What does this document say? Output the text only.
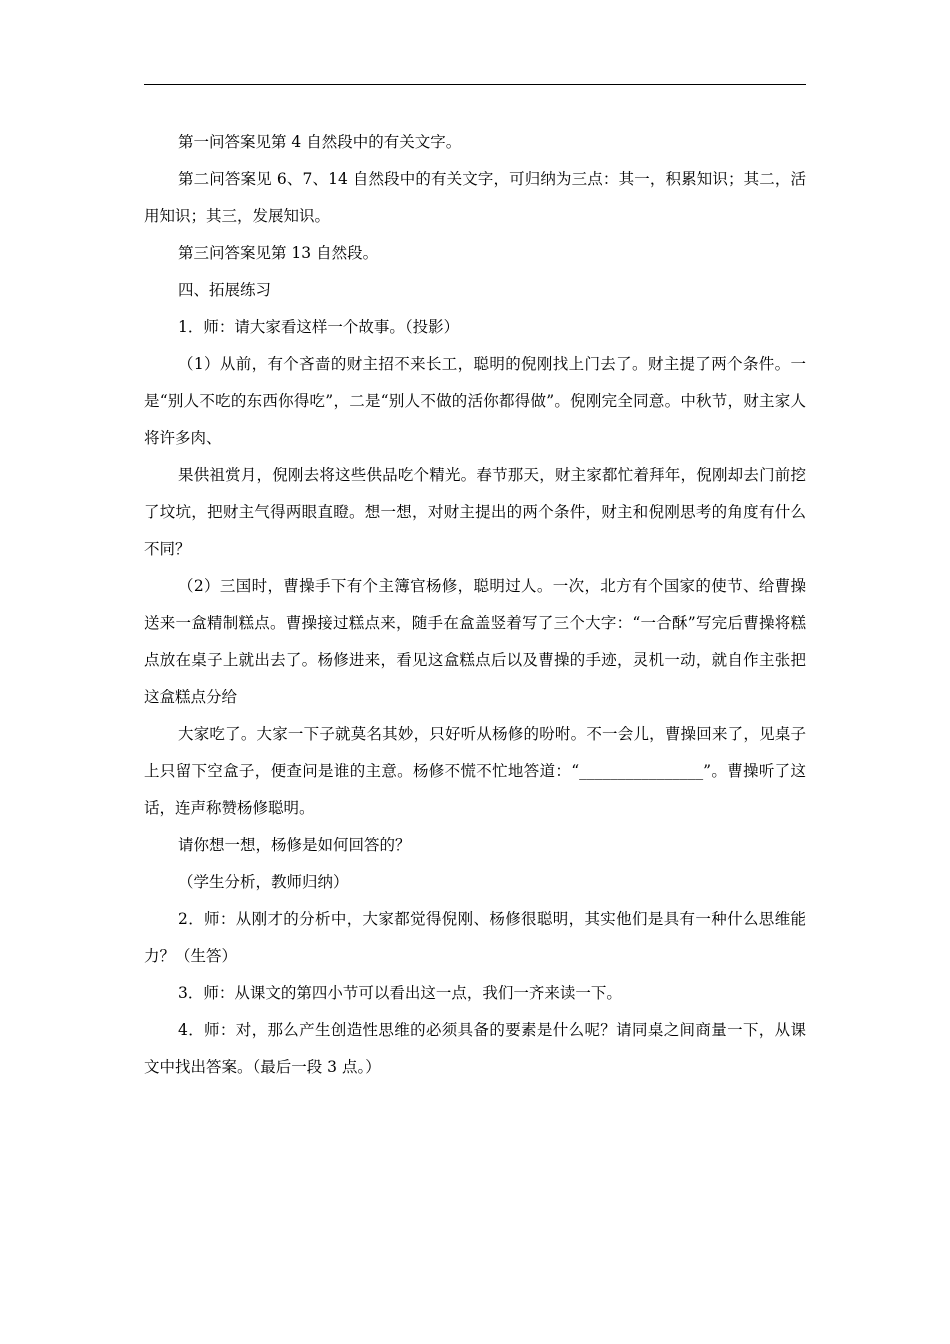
第一问答案见第 4 自然段中的有关文字。

第二问答案见 6、7、14 自然段中的有关文字，可归纳为三点：其一，积累知识；其二，活用知识；其三，发展知识。

第三问答案见第 13 自然段。

四、拓展练习

1．师：请大家看这样一个故事。（投影）

（1）从前，有个吝啬的财主招不来长工，聪明的倪刚找上门去了。财主提了两个条件。一是“别人不吃的东西你得吃”，二是“别人不做的活你都得做”。倪刚完全同意。中秋节，财主家人将许多肉、

果供祖赏月，倪刚去将这些供品吃个精光。春节那天，财主家都忙着拜年，倪刚却去门前挖了坟坑，把财主气得两眼直瞪。想一想，对财主提出的两个条件，财主和倪刚思考的角度有什么不同？

（2）三国时，曹操手下有个主簿官杨修，聪明过人。一次，北方有个国家的使节、给曹操送来一盒精制糕点。曹操接过糕点来，随手在盒盖竖着写了三个大字：“一合酥”写完后曹操将糕点放在桌子上就出去了。杨修进来，看见这盒糕点后以及曹操的手迹，灵机一动，就自作主张把这盒糕点分给

大家吃了。大家一下子就莫名其妙，只好听从杨修的吩咐。不一会儿，曹操回来了，见桌子上只留下空盒子，便查问是谁的主意。杨修不慌不忙地答道：“________________”。曹操听了这话，连声称赞杨修聪明。

请你想一想，杨修是如何回答的？

（学生分析，教师归纳）

2．师：从刚才的分析中，大家都觉得倪刚、杨修很聪明，其实他们是具有一种什么思维能力？（生答）

3．师：从课文的第四小节可以看出这一点，我们一齐来读一下。

4．师：对，那么产生创造性思维的必须具备的要素是什么呢？请同桌之间商量一下，从课文中找出答案。（最后一段 3 点。）
